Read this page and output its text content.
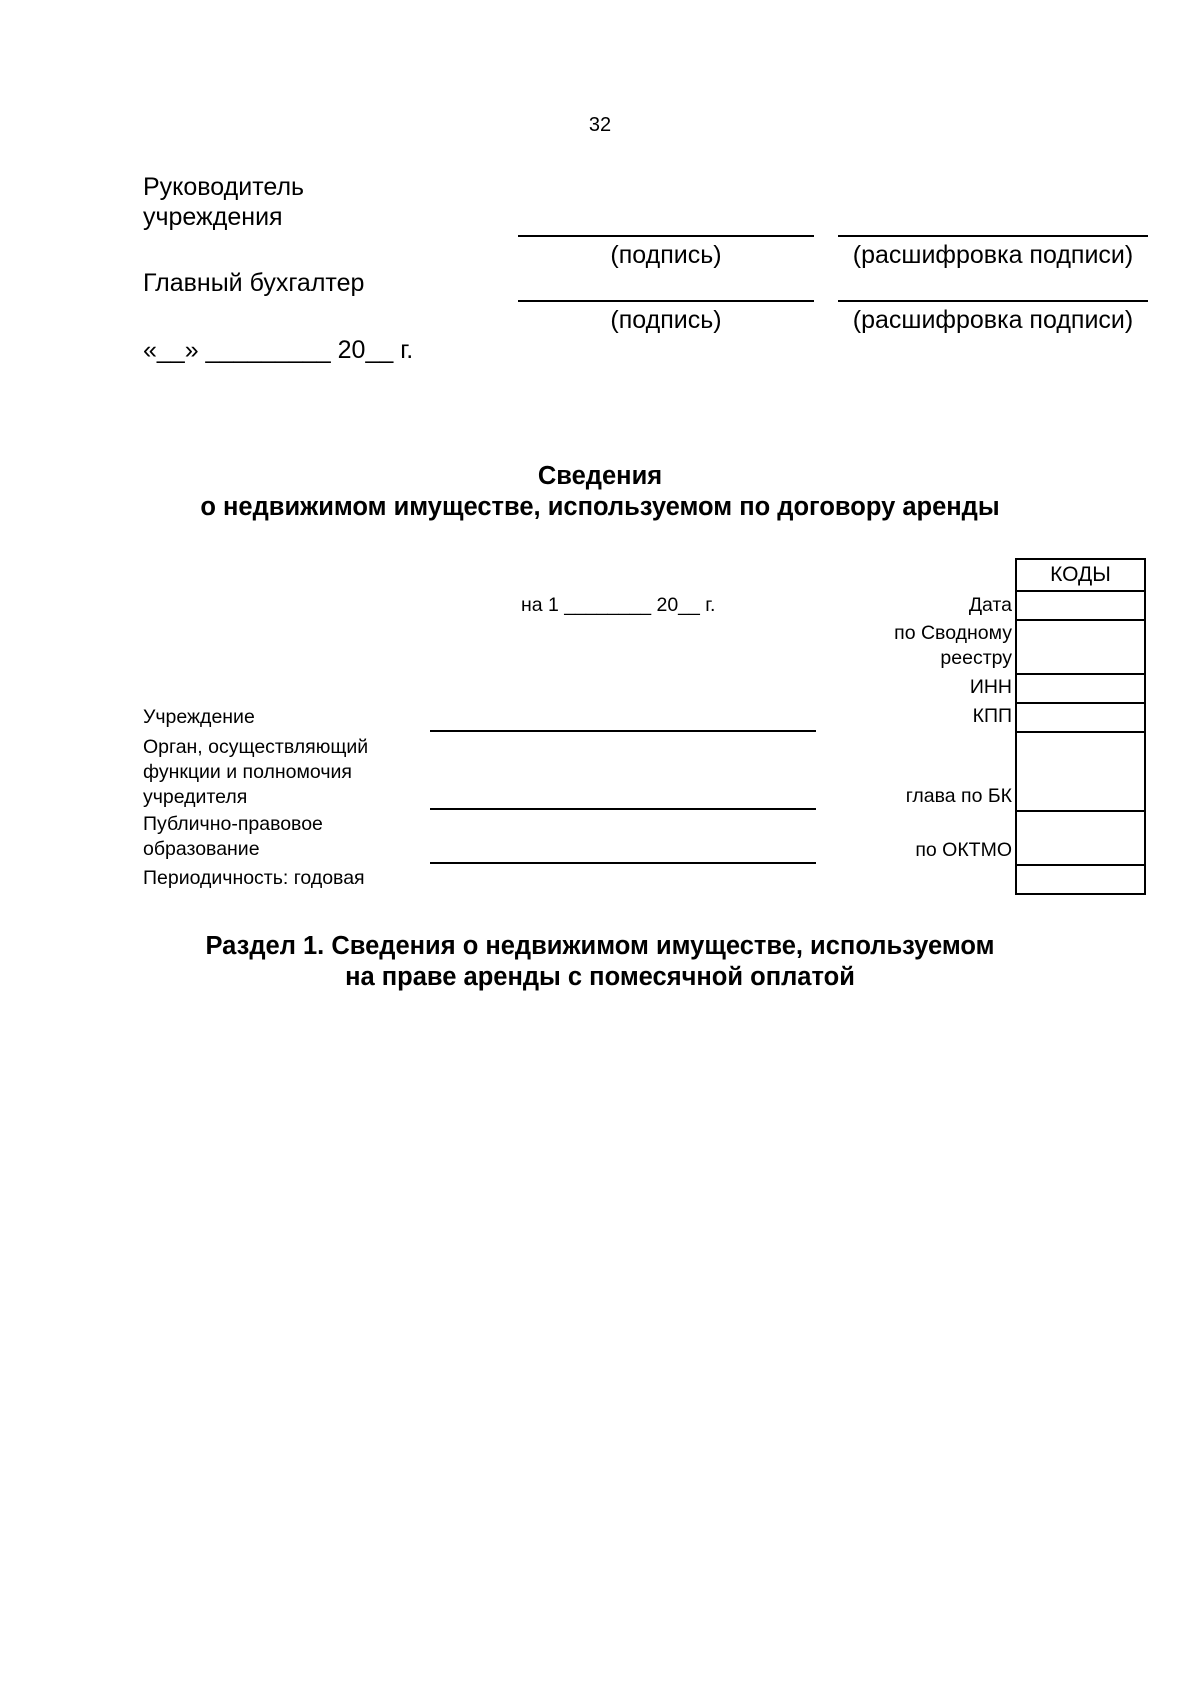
32
Руководитель
учреждения
(подпись)	(расшифровка подписи)
Главный бухгалтер
(подпись)	(расшифровка подписи)
«__» _________ 20__ г.
Сведения
о недвижимом имуществе, используемом по договору аренды
на 1 ________ 20__ г.
КОДЫ
Дата
по Сводному
реестру
ИНН
КПП
глава по БК
по ОКТМО
Учреждение
Орган, осуществляющий
функции и полномочия
учредителя
Публично-правовое
образование
Периодичность: годовая
Раздел 1. Сведения о недвижимом имуществе, используемом
на праве аренды с помесячной оплатой
